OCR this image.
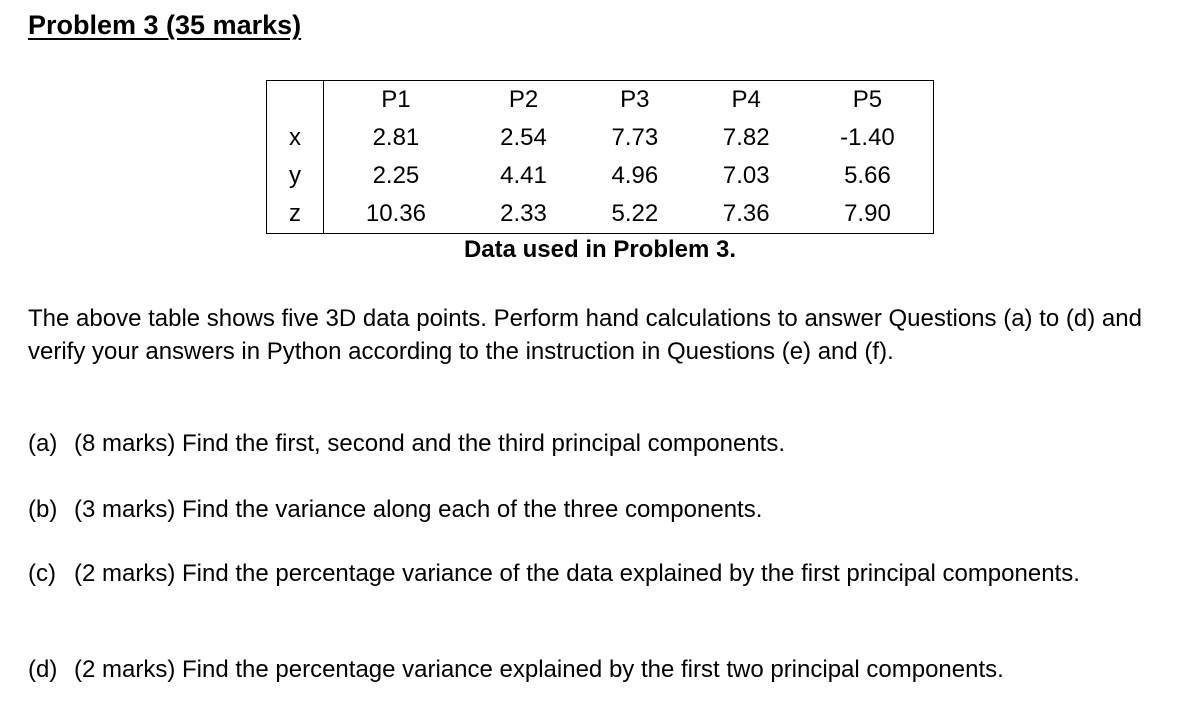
Problem 3 (35 marks)
	P1	P2	P3	P4	P5
x	2.81	2.54	7.73	7.82	-1.40
y	2.25	4.41	4.96	7.03	5.66
z	10.36	2.33	5.22	7.36	7.90
Data used in Problem 3.

The above table shows five 3D data points. Perform hand calculations to answer Questions (a) to (d) and verify your answers in Python according to the instruction in Questions (e) and (f).

(a) (8 marks) Find the first, second and the third principal components.
(b) (3 marks) Find the variance along each of the three components.
(c) (2 marks) Find the percentage variance of the data explained by the first principal components.
(d) (2 marks) Find the percentage variance explained by the first two principal components.
